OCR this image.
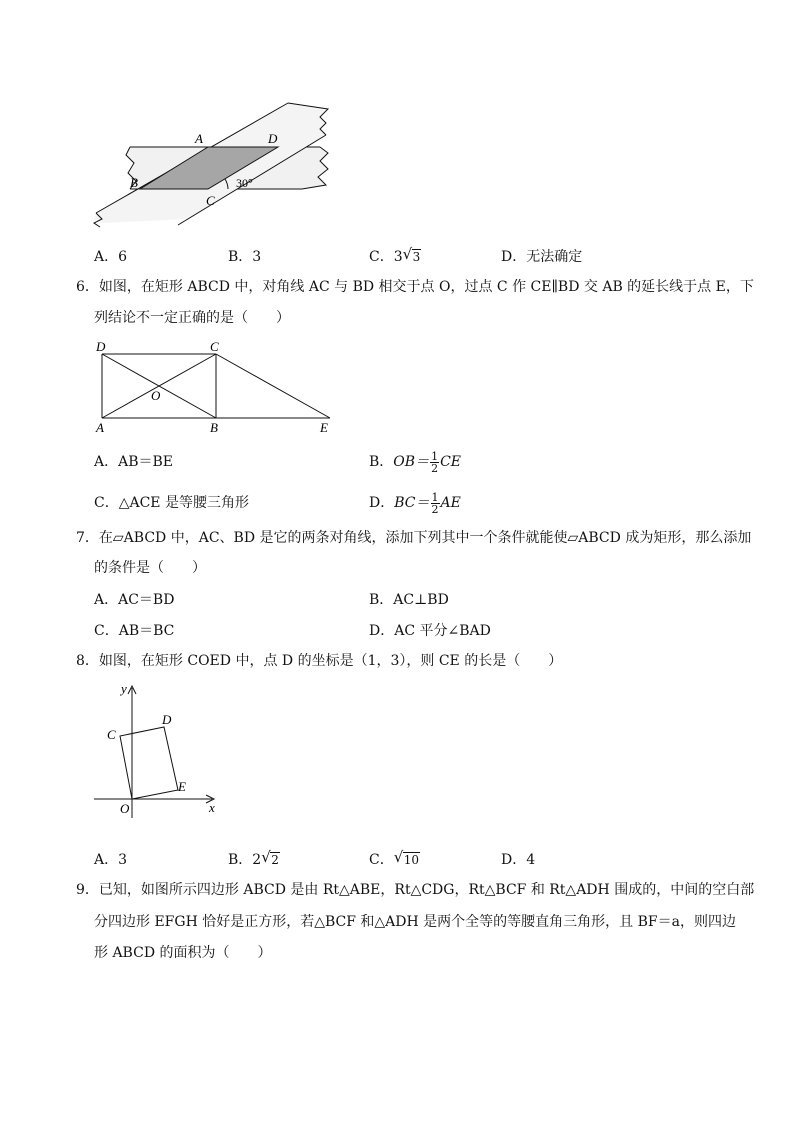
A	D
B
C
30°
A．6	B．3	C．3 √ 3	D．无法确定
6．如图，在矩形 ABCD 中，对角线 AC 与 BD 相交于点 O，过点 C 作 CE∥BD 交 AB 的延长线于点 E，下
列结论不一定正确的是（　　）
D	C
O
A	B	E
A．AB＝BE	B．$OB= \frac{1}{2}$ CE
C．△ACE 是等腰三角形	D．$BC= \frac{1}{2}$ AE
7．在▱ABCD 中，AC、BD 是它的两条对角线，添加下列其中一个条件就能使▱ABCD 成为矩形，那么添加
的条件是（　　）
A．AC＝BD	B．AC⊥BD
C．AB＝BC	D．AC 平分∠BAD
8．如图，在矩形 COED 中，点 D 的坐标是（1，3），则 CE 的长是（　　）
y
x
C
D
E
O
A．3	B．2 √ 2	C． √ 10	D．4
9．已知，如图所示四边形 ABCD 是由 Rt△ABE，Rt△CDG，Rt△BCF 和 Rt△ADH 围成的，中间的空白部
分四边形 EFGH 恰好是正方形，若△BCF 和△ADH 是两个全等的等腰直角三角形，且 BF＝a，则四边
形 ABCD 的面积为（　　）
